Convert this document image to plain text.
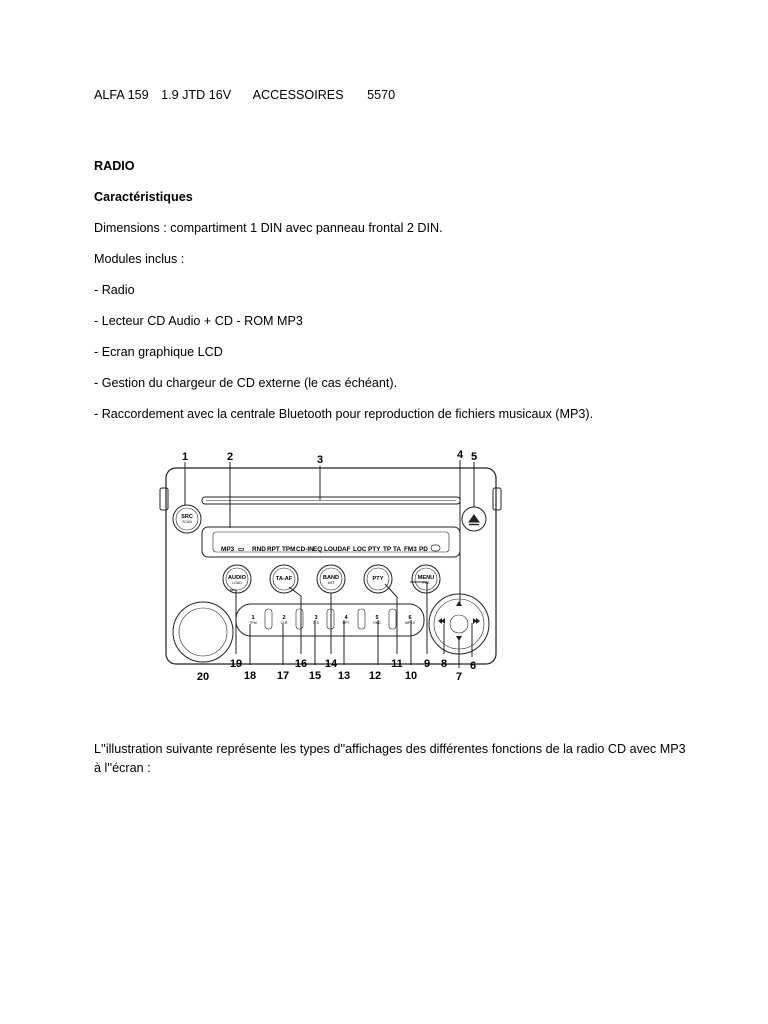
ALFA 159 1.9 JTD 16V ACCESSOIRES 5570
RADIO
Caractéristiques
Dimensions : compartiment 1 DIN avec panneau frontal 2 DIN.
Modules inclus :
- Radio
- Lecteur CD Audio + CD - ROM MP3
- Ecran graphique LCD
- Gestion du chargeur de CD externe (le cas échéant).
- Raccordement avec la centrale Bluetooth pour reproduction de fichiers musicaux (MP3).
MP3 ▭ RND RPT TPM CD-IN EQ LOUD AF LOC PTY TP TA FM3 PD
SRC
SCAN
AUDIO
LOUD
TA-AF	BAND
AST
PTY	MENU
PRS
1
TPM
2
CLR
3
D.S
4
RPT
5
RND
6
MP3 II
1	2	3	4 5
6
7
8
9
10
11
12
13
14
15
16
17
18
19
20
L''illustration suivante représente les types d''affichages des différentes fonctions de la radio CD avec MP3 à l''écran :
